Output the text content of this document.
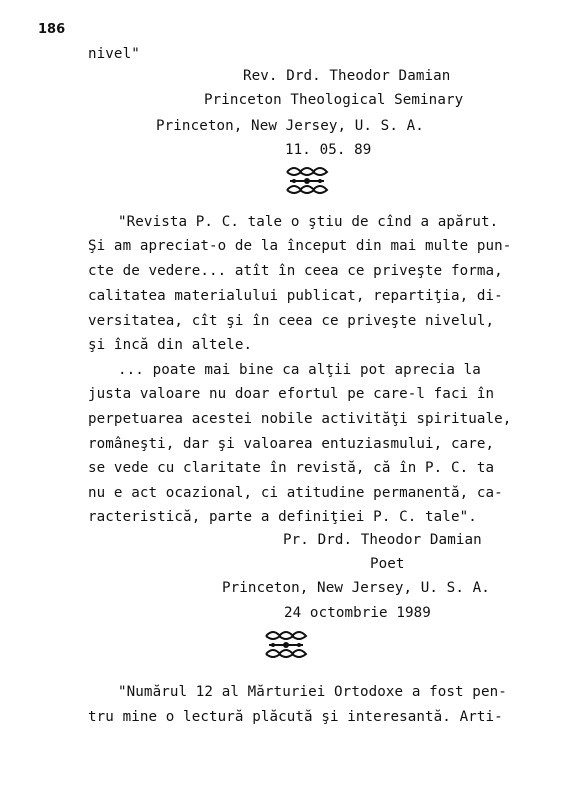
186
nivel"
Rev. Drd. Theodor Damian
Princeton Theological Seminary
Princeton, New Jersey, U. S. A.
11. 05. 89
"Revista P. C. tale o ştiu de cînd a apărut.
Şi am apreciat-o de la început din mai multe pun-
cte de vedere... atît în ceea ce priveşte forma,
calitatea materialului publicat, repartiţia, di-
versitatea, cît şi în ceea ce priveşte nivelul,
şi încă din altele.
... poate mai bine ca alţii pot aprecia la
justa valoare nu doar efortul pe care-l faci în
perpetuarea acestei nobile activităţi spirituale,
româneşti, dar şi valoarea entuziasmului, care,
se vede cu claritate în revistă, că în P. C. ta
nu e act ocazional, ci atitudine permanentă, ca-
racteristică, parte a definiţiei P. C. tale".
Pr. Drd. Theodor Damian
Poet
Princeton, New Jersey, U. S. A.
24 octombrie 1989
"Numărul 12 al Mărturiei Ortodoxe a fost pen-
tru mine o lectură plăcută şi interesantă. Arti-
